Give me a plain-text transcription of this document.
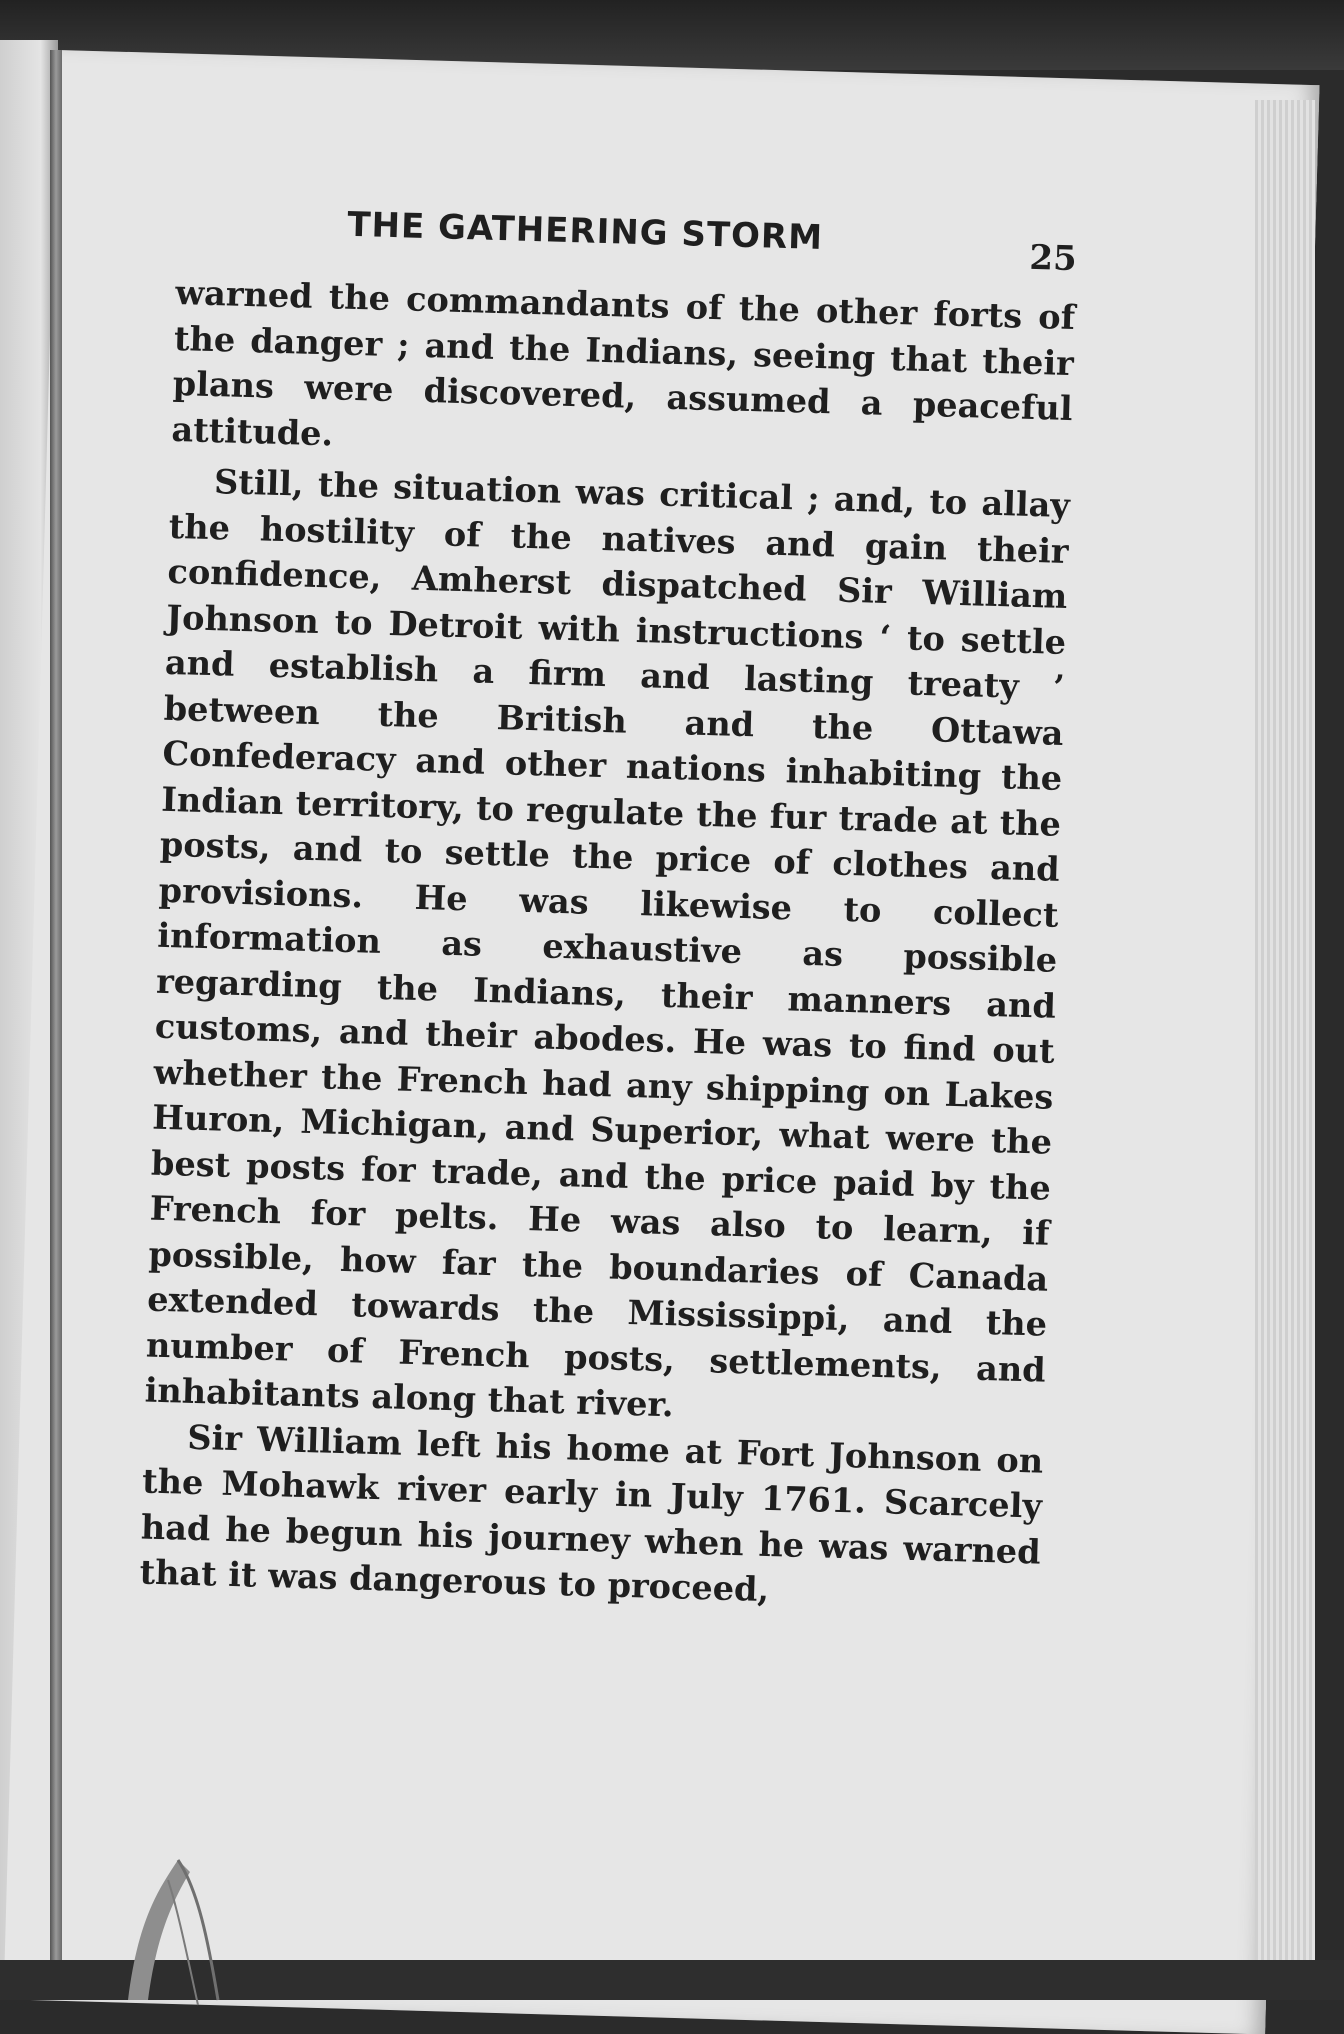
THE GATHERING STORM
25

warned the commandants of the other forts of the danger ; and the Indians, seeing that their plans were discovered, assumed a peaceful attitude.

Still, the situation was critical ; and, to allay the hostility of the natives and gain their confidence, Amherst dispatched Sir William Johnson to Detroit with instructions ‘ to settle and establish a firm and lasting treaty ’ between the British and the Ottawa Confederacy and other nations inhabiting the Indian territory, to regulate the fur trade at the posts, and to settle the price of clothes and provisions. He was likewise to collect information as exhaustive as possible regarding the Indians, their manners and customs, and their abodes. He was to find out whether the French had any shipping on Lakes Huron, Michigan, and Superior, what were the best posts for trade, and the price paid by the French for pelts. He was also to learn, if possible, how far the boundaries of Canada extended towards the Mississippi, and the number of French posts, settlements, and inhabitants along that river.

Sir William left his home at Fort Johnson on the Mohawk river early in July 1761. Scarcely had he begun his journey when he was warned that it was dangerous to proceed,
